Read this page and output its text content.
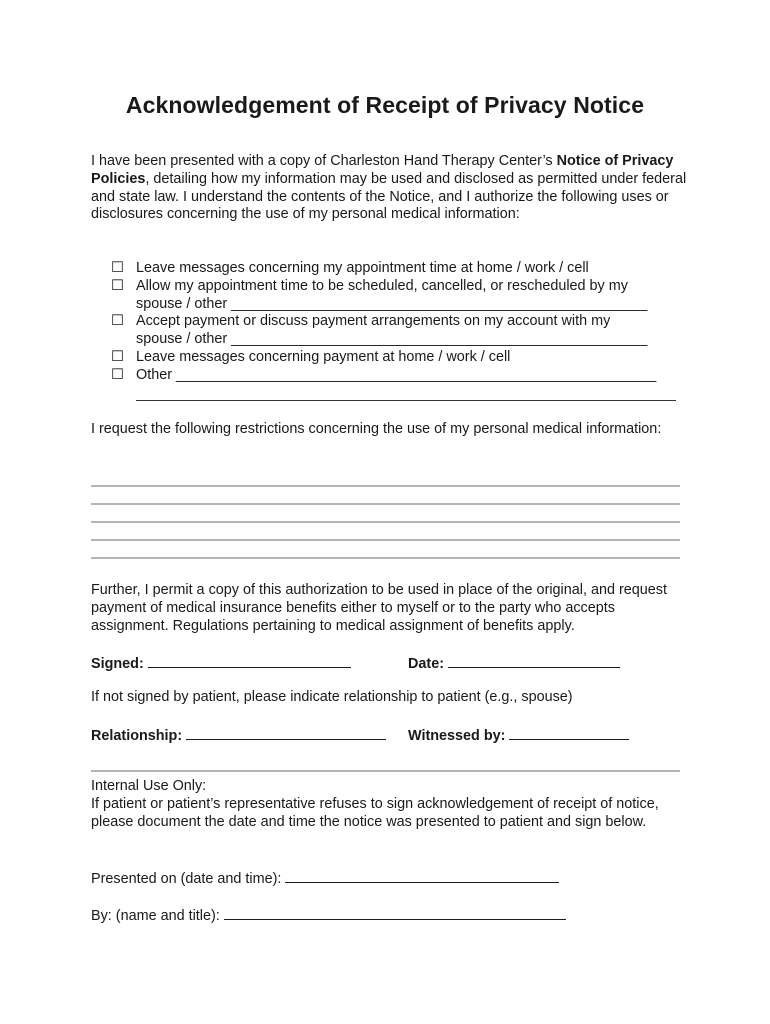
Acknowledgement of Receipt of Privacy Notice
I have been presented with a copy of Charleston Hand Therapy Center’s Notice of Privacy Policies, detailing how my information may be used and disclosed as permitted under federal and state law. I understand the contents of the Notice, and I authorize the following uses or disclosures concerning the use of my personal medical information:
☐ Leave messages concerning my appointment time at home / work / cell
☐ Allow my appointment time to be scheduled, cancelled, or rescheduled by my
spouse / other ____________________________________________________
☐ Accept payment or discuss payment arrangements on my account with my
spouse / other ____________________________________________________
☐ Leave messages concerning payment at home / work / cell
☐ Other ____________________________________________________________
I request the following restrictions concerning the use of my personal medical information:
Further, I permit a copy of this authorization to be used in place of the original, and request payment of medical insurance benefits either to myself or to the party who accepts assignment. Regulations pertaining to medical assignment of benefits apply.
Signed:	Date:
If not signed by patient, please indicate relationship to patient (e.g., spouse)
Relationship:	Witnessed by:
Internal Use Only:
If patient or patient’s representative refuses to sign acknowledgement of receipt of notice, please document the date and time the notice was presented to patient and sign below.
Presented on (date and time):
By: (name and title):
